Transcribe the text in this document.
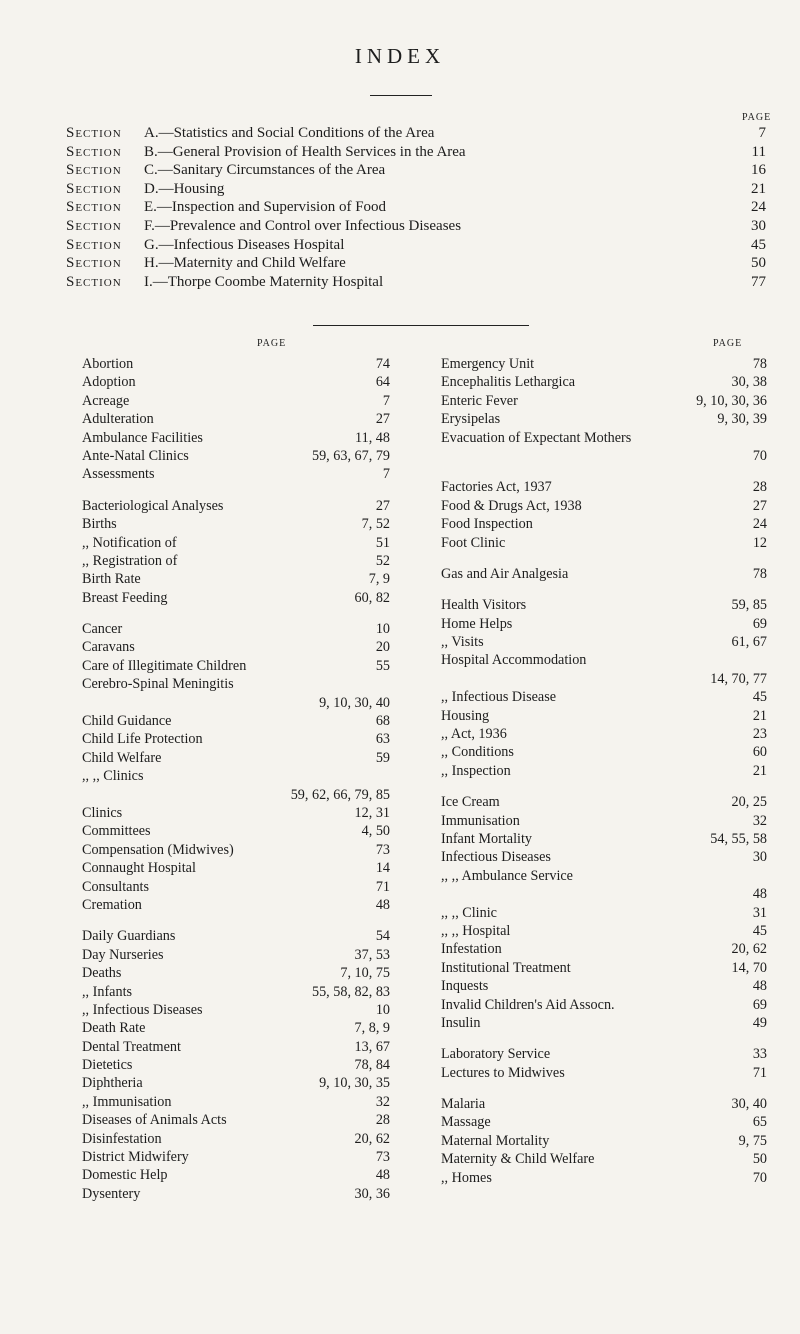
INDEX
PAGE
Section A.—Statistics and Social Conditions of the Area	7
Section B.—General Provision of Health Services in the Area	11
Section C.—Sanitary Circumstances of the Area	16
Section D.—Housing	21
Section E.—Inspection and Supervision of Food	24
Section F.—Prevalence and Control over Infectious Diseases	30
Section G.—Infectious Diseases Hospital	45
Section H.—Maternity and Child Welfare	50
Section I.—Thorpe Coombe Maternity Hospital	77
PAGE
Abortion	74
Adoption	64
Acreage	7
Adulteration	27
Ambulance Facilities	11, 48
Ante-Natal Clinics	59, 63, 67, 79
Assessments	7
Bacteriological Analyses	27
Births	7, 52
,, Notification of	51
,, Registration of	52
Birth Rate	7, 9
Breast Feeding	60, 82
Cancer	10
Caravans	20
Care of Illegitimate Children	55
Cerebro-Spinal Meningitis
9, 10, 30, 40
Child Guidance	68
Child Life Protection	63
Child Welfare	59
,, ,, Clinics
59, 62, 66, 79, 85
Clinics	12, 31
Committees	4, 50
Compensation (Midwives)	73
Connaught Hospital	14
Consultants	71
Cremation	48
Daily Guardians	54
Day Nurseries	37, 53
Deaths	7, 10, 75
,, Infants	55, 58, 82, 83
,, Infectious Diseases	10
Death Rate	7, 8, 9
Dental Treatment	13, 67
Dietetics	78, 84
Diphtheria	9, 10, 30, 35
,, Immunisation	32
Diseases of Animals Acts	28
Disinfestation	20, 62
District Midwifery	73
Domestic Help	48
Dysentery	30, 36
PAGE
Emergency Unit	78
Encephalitis Lethargica	30, 38
Enteric Fever	9, 10, 30, 36
Erysipelas	9, 30, 39
Evacuation of Expectant Mothers
70
Factories Act, 1937	28
Food & Drugs Act, 1938	27
Food Inspection	24
Foot Clinic	12
Gas and Air Analgesia	78
Health Visitors	59, 85
Home Helps	69
,, Visits	61, 67
Hospital Accommodation
14, 70, 77
,, Infectious Disease	45
Housing	21
,, Act, 1936	23
,, Conditions	60
,, Inspection	21
Ice Cream	20, 25
Immunisation	32
Infant Mortality	54, 55, 58
Infectious Diseases	30
,, ,, Ambulance Service
48
,, ,, Clinic	31
,, ,, Hospital	45
Infestation	20, 62
Institutional Treatment	14, 70
Inquests	48
Invalid Children's Aid Assocn.	69
Insulin	49
Laboratory Service	33
Lectures to Midwives	71
Malaria	30, 40
Massage	65
Maternal Mortality	9, 75
Maternity & Child Welfare	50
,, Homes	70
